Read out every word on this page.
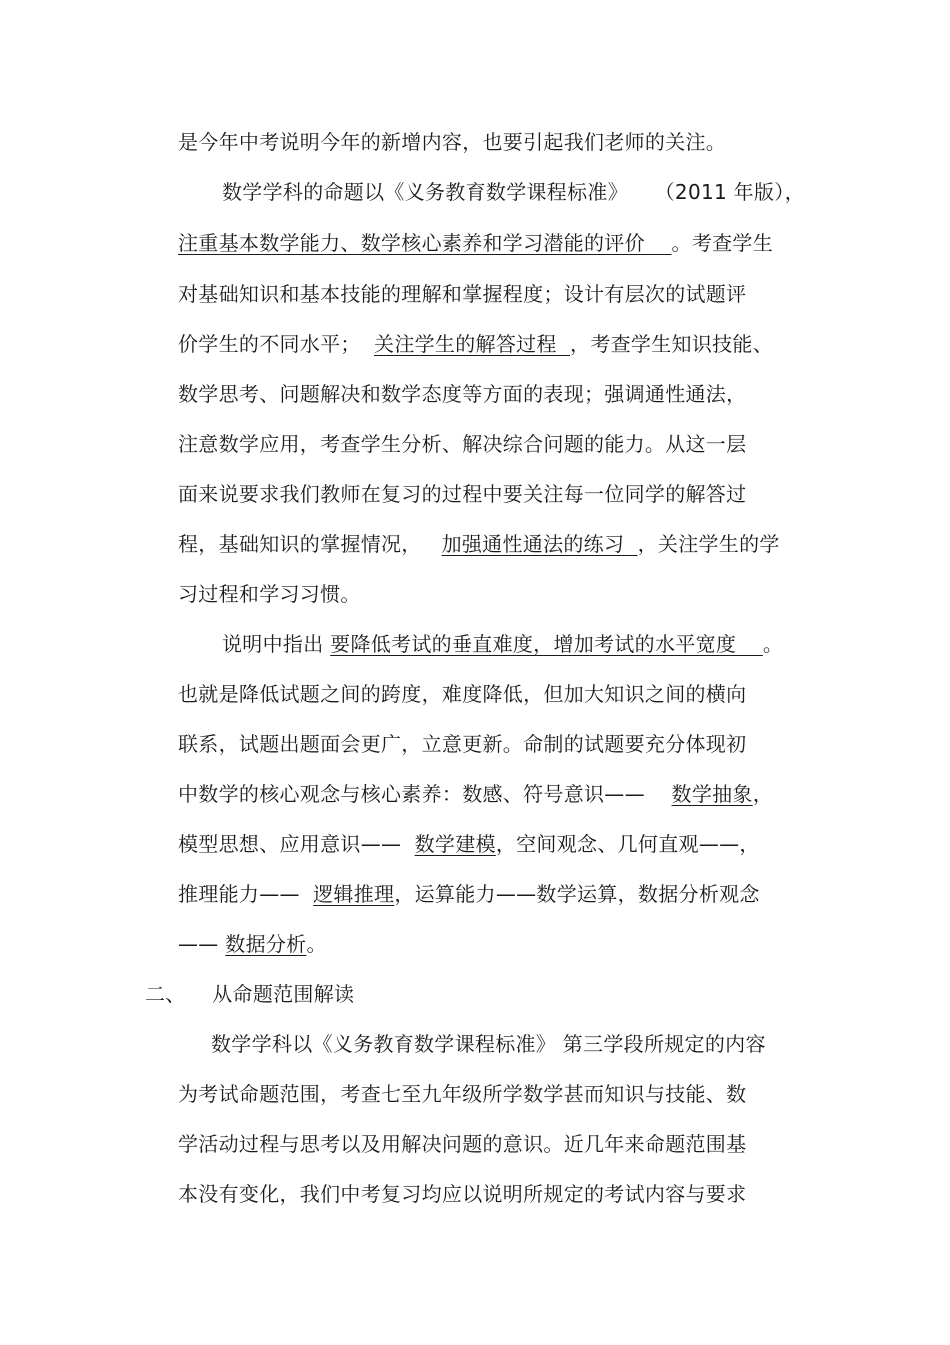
是今年中考说明今年的新增内容，也要引起我们老师的关注。
数学学科的命题以《义务教育数学课程标准》    （2011 年版），
注重基本数学能力、数学核心素养和学习潜能的评价    。考查学生
对基础知识和基本技能的理解和掌握程度；设计有层次的试题评
价学生的不同水平；  关注学生的解答过程  ，考查学生知识技能、
数学思考、问题解决和数学态度等方面的表现；强调通性通法，
注意数学应用，考查学生分析、解决综合问题的能力。从这一层
面来说要求我们教师在复习的过程中要关注每一位同学的解答过
程，基础知识的掌握情况，   加强通性通法的练习  ，关注学生的学
习过程和学习习惯。
说明中指出 要降低考试的垂直难度，增加考试的水平宽度    。
也就是降低试题之间的跨度，难度降低，但加大知识之间的横向
联系，试题出题面会更广，立意更新。命制的试题要充分体现初
中数学的核心观念与核心素养：数感、符号意识——    数学抽象，
模型思想、应用意识——  数学建模，空间观念、几何直观——，
推理能力——  逻辑推理，运算能力——数学运算，数据分析观念
—— 数据分析。
二、    从命题范围解读
数学学科以《义务教育数学课程标准》 第三学段所规定的内容
为考试命题范围，考查七至九年级所学数学甚而知识与技能、数
学活动过程与思考以及用解决问题的意识。近几年来命题范围基
本没有变化，我们中考复习均应以说明所规定的考试内容与要求
